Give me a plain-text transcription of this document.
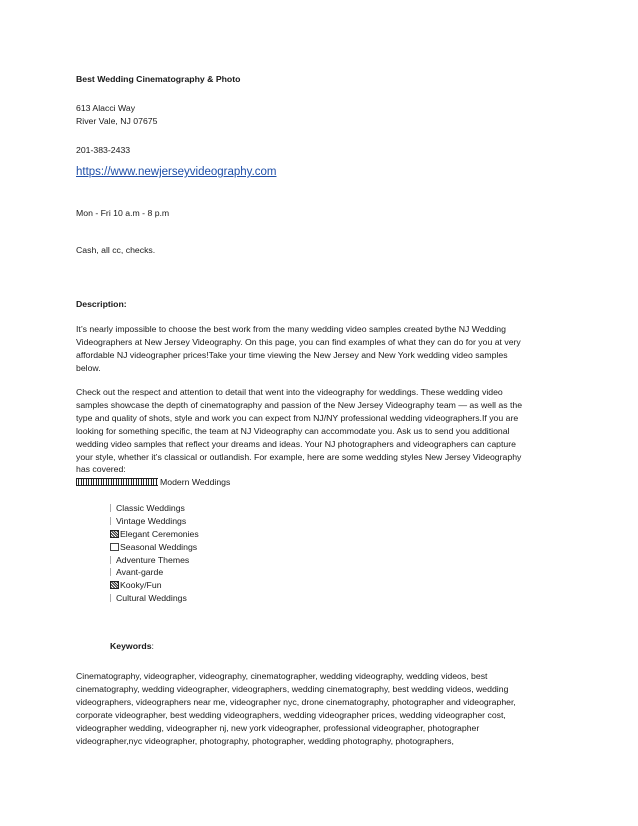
Best Wedding Cinematography & Photo
613 Alacci Way
River Vale, NJ 07675
201-383-2433
https://www.newjerseyvideography.com
Mon - Fri 10 a.m - 8 p.m
Cash, all cc, checks.
Description:
It’s nearly impossible to choose the best work from the many wedding video samples created bythe NJ Wedding
Videographers at New Jersey Videography. On this page, you can find examples of what they can do for you at very
affordable NJ videographer prices!Take your time viewing the New Jersey and New York wedding video samples
below.
Check out the respect and attention to detail that went into the videography for weddings. These wedding video
samples showcase the depth of cinematography and passion of the New Jersey Videography team — as well as the
type and quality of shots, style and work you can expect from NJ/NY professional wedding videographers.If you are
looking for something specific, the team at NJ Videography can accommodate you. Ask us to send you additional
wedding video samples that reflect your dreams and ideas. Your NJ photographers and videographers can capture
your style, whether it’s classical or outlandish. For example, here are some wedding styles New Jersey Videography
has covered:
Modern Weddings
Classic Weddings
Vintage Weddings
Elegant Ceremonies
Seasonal Weddings
Adventure Themes
Avant-garde
Kooky/Fun
Cultural Weddings
Keywords:
Cinematography, videographer, videography, cinematographer, wedding videography, wedding videos, best
cinematography, wedding videographer, videographers, wedding cinematography, best wedding videos, wedding
videographers, videographers near me, videographer nyc, drone cinematography, photographer and videographer,
corporate videographer, best wedding videographers, wedding videographer prices, wedding videographer cost,
videographer wedding, videographer nj, new york videographer, professional videographer, photographer
videographer,nyc videographer, photography, photographer, wedding photography, photographers,
